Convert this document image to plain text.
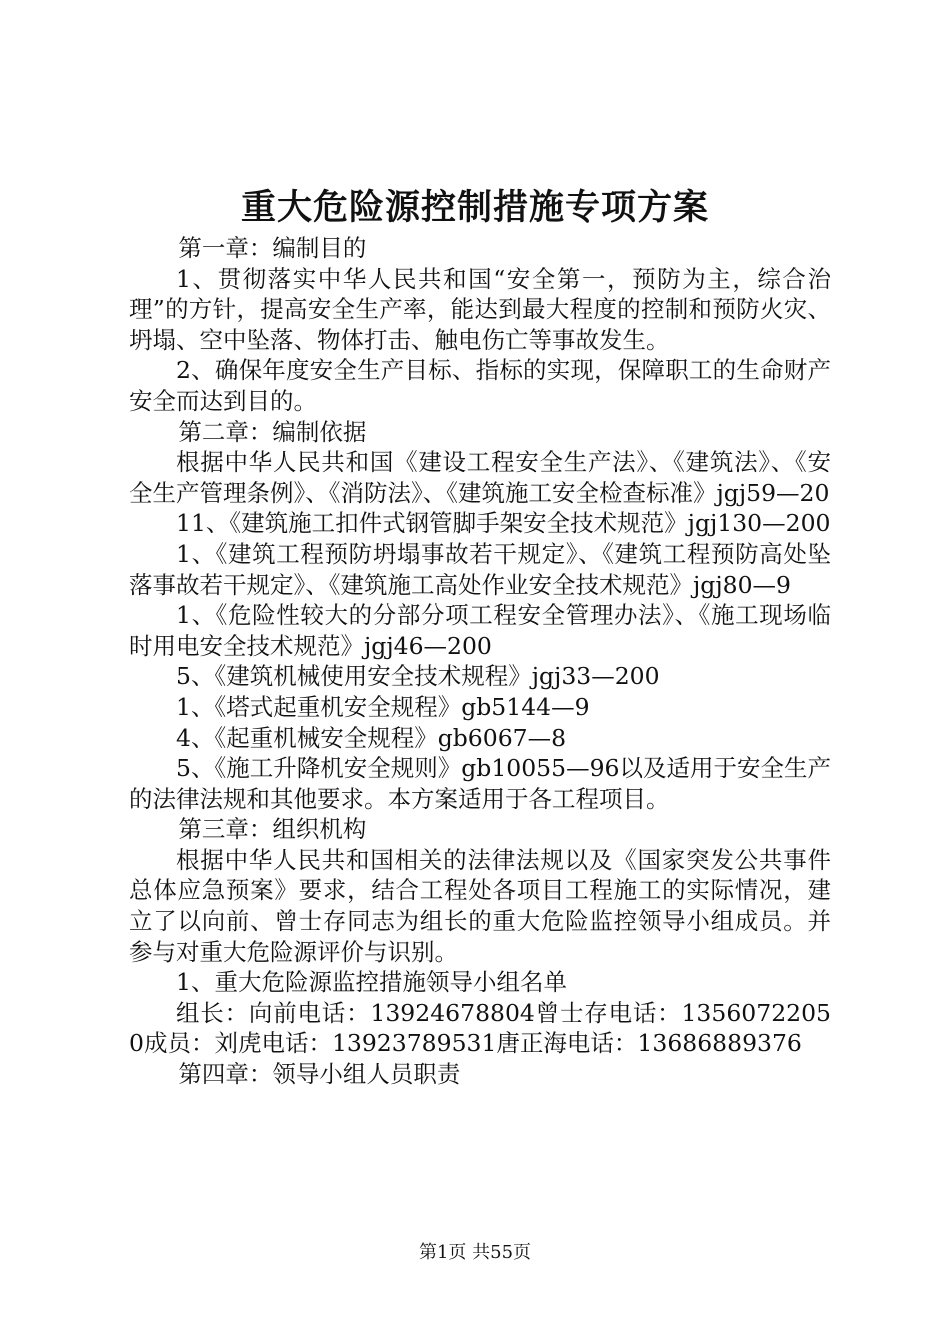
重大危险源控制措施专项方案

第一章：编制目的

1、贯彻落实中华人民共和国“安全第一，预防为主，综合治理”的方针，提高安全生产率，能达到最大程度的控制和预防火灾、坍塌、空中坠落、物体打击、触电伤亡等事故发生。

2、确保年度安全生产目标、指标的实现，保障职工的生命财产安全而达到目的。

第二章：编制依据

根据中华人民共和国《建设工程安全生产法》、《建筑法》、《安全生产管理条例》、《消防法》、《建筑施工安全检查标准》jgj59—20

11、《建筑施工扣件式钢管脚手架安全技术规范》jgj130—200

1、《建筑工程预防坍塌事故若干规定》、《建筑工程预防高处坠落事故若干规定》、《建筑施工高处作业安全技术规范》jgj80—9

1、《危险性较大的分部分项工程安全管理办法》、《施工现场临时用电安全技术规范》jgj46—200

5、《建筑机械使用安全技术规程》jgj33—200

1、《塔式起重机安全规程》gb5144—9

4、《起重机械安全规程》gb6067—8

5、《施工升降机安全规则》gb10055—96以及适用于安全生产的法律法规和其他要求。本方案适用于各工程项目。

第三章：组织机构

根据中华人民共和国相关的法律法规以及《国家突发公共事件总体应急预案》要求，结合工程处各项目工程施工的实际情况，建立了以向前、曾士存同志为组长的重大危险监控领导小组成员。并参与对重大危险源评价与识别。

1、重大危险源监控措施领导小组名单

组长：向前电话：13924678804曾士存电话：13560722050成员：刘虎电话：13923789531唐正海电话：13686889376

第四章：领导小组人员职责

第1页 共55页
